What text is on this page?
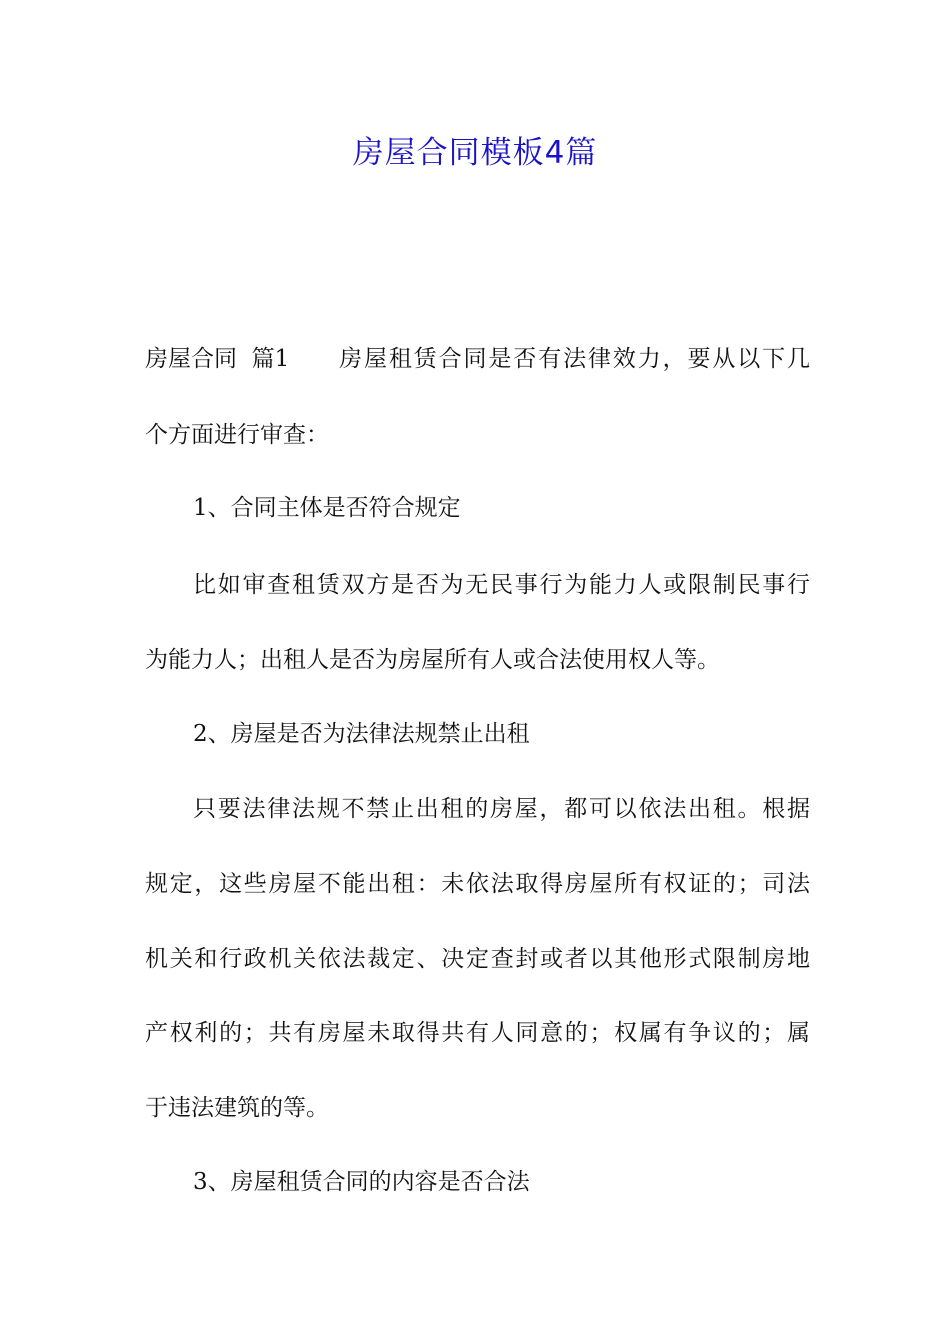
房屋合同模板4篇
房屋合同  篇1 房屋租赁合同是否有法律效力，要从以下几
个方面进行审查：
1、合同主体是否符合规定
比如审查租赁双方是否为无民事行为能力人或限制民事行
为能力人；出租人是否为房屋所有人或合法使用权人等。
2、房屋是否为法律法规禁止出租
只要法律法规不禁止出租的房屋，都可以依法出租。根据
规定，这些房屋不能出租：未依法取得房屋所有权证的；司法
机关和行政机关依法裁定、决定查封或者以其他形式限制房地
产权利的；共有房屋未取得共有人同意的；权属有争议的；属
于违法建筑的等。
3、房屋租赁合同的内容是否合法
